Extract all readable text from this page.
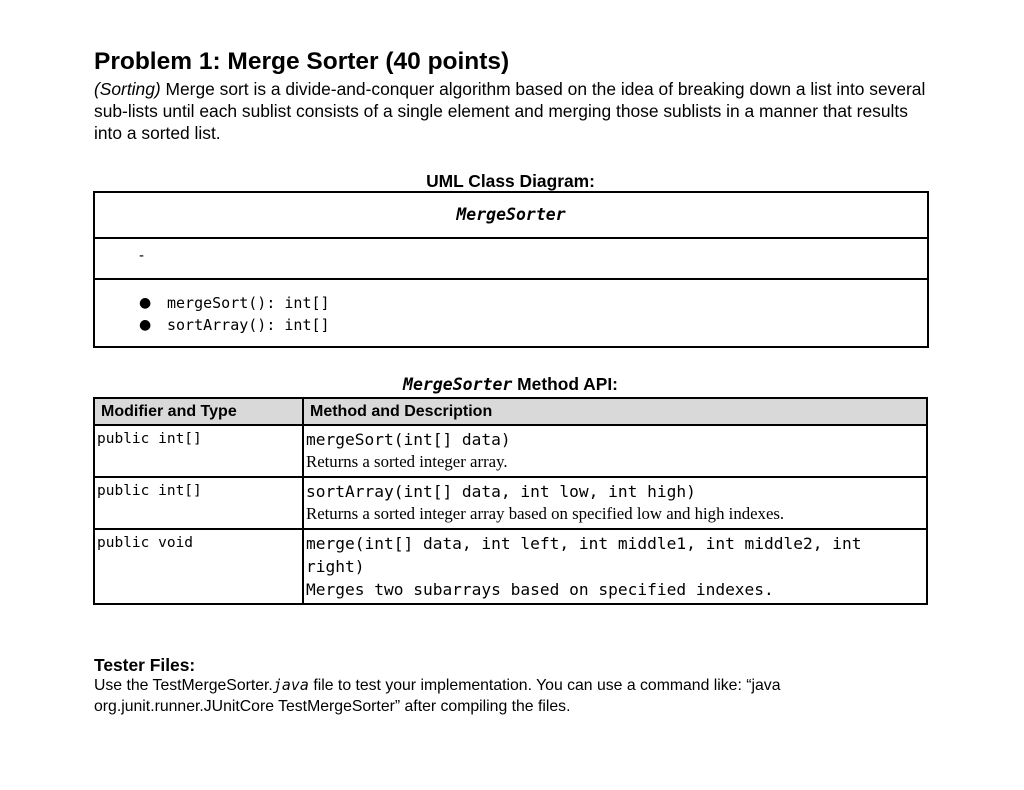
Problem 1: Merge Sorter (40 points)
(Sorting) Merge sort is a divide-and-conquer algorithm based on the idea of breaking down a list into several sub-lists until each sublist consists of a single element and merging those sublists in a manner that results into a sorted list.
UML Class Diagram:
MergeSorter
-
● mergeSort(): int[]
● sortArray(): int[]
MergeSorter Method API:
Modifier and Type	Method and Description
public int[]	mergeSort(int[] data)
Returns a sorted integer array.

public int[]	sortArray(int[] data, int low, int high)
Returns a sorted integer array based on specified low and high indexes.

public void	merge(int[] data, int left, int middle1, int middle2, int right)
Merges two subarrays based on specified indexes.
Tester Files:
Use the TestMergeSorter.java file to test your implementation. You can use a command like: “java org.junit.runner.JUnitCore TestMergeSorter” after compiling the files.
